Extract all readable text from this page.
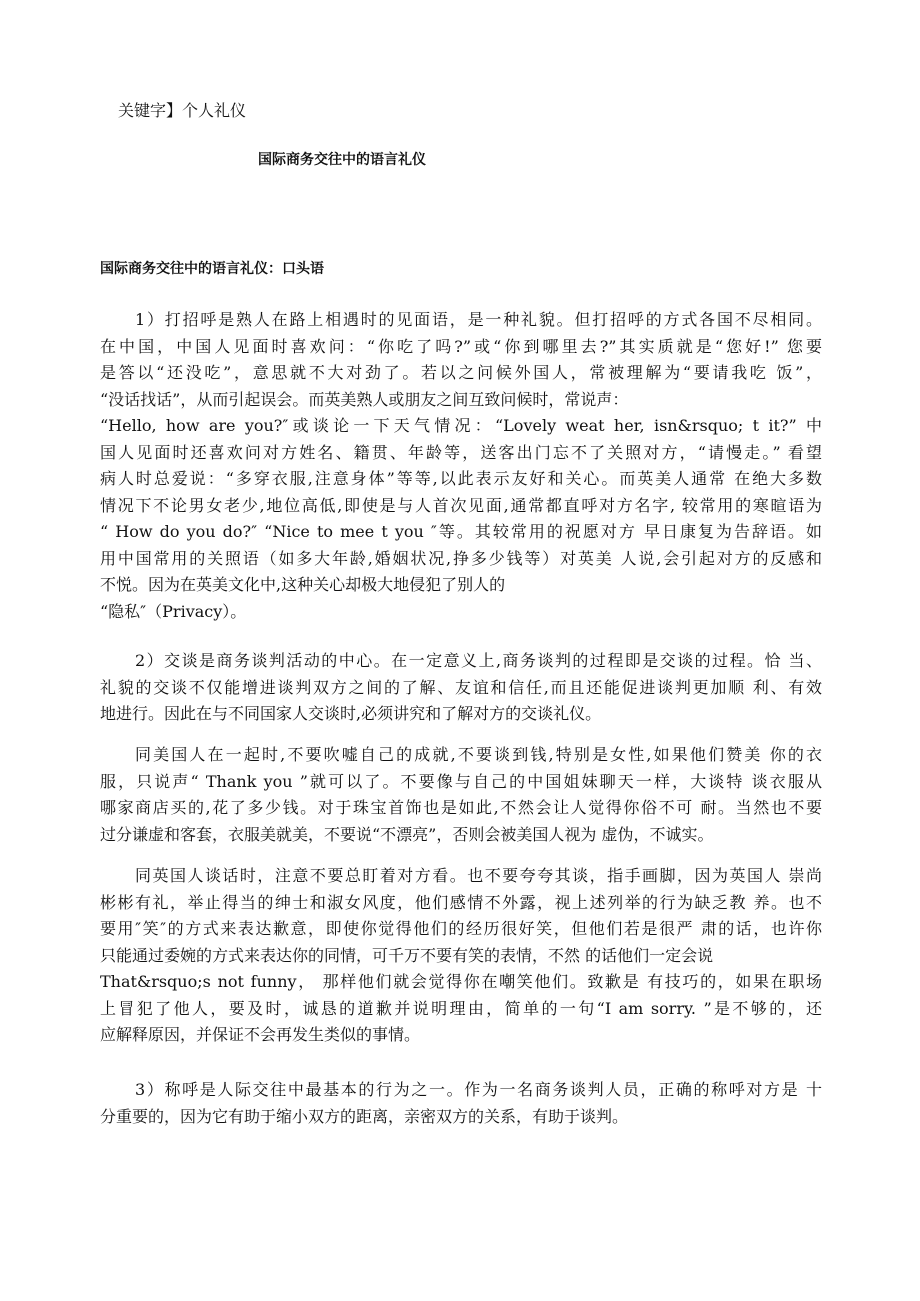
关键字】个人礼仪
国际商务交往中的语言礼仪
国际商务交往中的语言礼仪：口头语
1）打招呼是熟人在路上相遇时的见面语，是一种礼貌。但打招呼的方式各国不尽相同。
在中国，中国人见面时喜欢问：“你吃了吗?”或“你到哪里去?”其实质就是“您好!” 您要
是答以“还没吃”，意思就不大对劲了。若以之问候外国人，常被理解为“要请我吃 饭”，
“没话找话”，从而引起误会。而英美熟人或朋友之间互致问候时，常说声：
“Hello, how are you?″或谈论一下天气情况：“Lovely weat her, isn&rsquo; t it?” 中
国人见面时还喜欢问对方姓名、籍贯、年龄等，送客出门忘不了关照对方，“请慢走。” 看望
病人时总爱说：“多穿衣服,注意身体”等等,以此表示友好和关心。而英美人通常 在绝大多数
情况下不论男女老少,地位高低,即使是与人首次见面,通常都直呼对方名字, 较常用的寒暄语为
“ How do you do?″ “Nice to mee t you ″等。其较常用的祝愿对方 早日康复为告辞语。如
用中国常用的关照语（如多大年龄,婚姻状况,挣多少钱等）对英美 人说,会引起对方的反感和
不悦。因为在英美文化中,这种关心却极大地侵犯了别人的
“隐私″（Privacy）。
2）交谈是商务谈判活动的中心。在一定意义上,商务谈判的过程即是交谈的过程。恰 当、
礼貌的交谈不仅能增进谈判双方之间的了解、友谊和信任,而且还能促进谈判更加顺 利、有效
地进行。因此在与不同国家人交谈时,必须讲究和了解对方的交谈礼仪。
同美国人在一起时,不要吹嘘自己的成就,不要谈到钱,特别是女性,如果他们赞美 你的衣
服，只说声“ Thank you ”就可以了。不要像与自己的中国姐妹聊天一样，大谈特 谈衣服从
哪家商店买的,花了多少钱。对于珠宝首饰也是如此,不然会让人觉得你俗不可 耐。当然也不要
过分谦虚和客套，衣服美就美，不要说“不漂亮”，否则会被美国人视为 虚伪，不诚实。
同英国人谈话时，注意不要总盯着对方看。也不要夸夸其谈，指手画脚，因为英国人 崇尚
彬彬有礼，举止得当的绅士和淑女风度，他们感情不外露，视上述列举的行为缺乏教 养。也不
要用″笑″的方式来表达歉意，即使你觉得他们的经历很好笑，但他们若是很严 肃的话，也许你
只能通过委婉的方式来表达你的同情，可千万不要有笑的表情，不然 的话他们一定会说
That&rsquo;s not funny， 那样他们就会觉得你在嘲笑他们。致歉是 有技巧的，如果在职场
上冒犯了他人，要及时，诚恳的道歉并说明理由，简单的一句“I am sorry. ”是不够的，还
应解释原因，并保证不会再发生类似的事情。
3）称呼是人际交往中最基本的行为之一。作为一名商务谈判人员，正确的称呼对方是 十
分重要的，因为它有助于缩小双方的距离，亲密双方的关系，有助于谈判。
